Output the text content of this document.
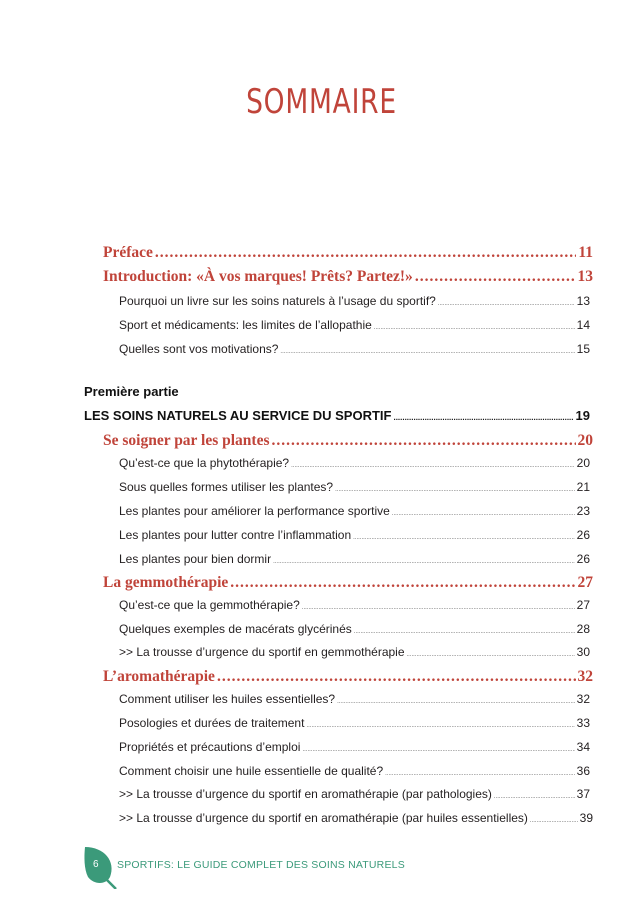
SOMMAIRE
Préface .....	11
Introduction: «À vos marques! Prêts? Partez!» .....	13
Pourquoi un livre sur les soins naturels à l’usage du sportif? .....	13
Sport et médicaments: les limites de l’allopathie .....	14
Quelles sont vos motivations? .....	15
Première partie
LES SOINS NATURELS AU SERVICE DU SPORTIF .....	19
Se soigner par les plantes .....	20
Qu’est-ce que la phytothérapie? .....	20
Sous quelles formes utiliser les plantes? .....	21
Les plantes pour améliorer la performance sportive .....	23
Les plantes pour lutter contre l’inflammation .....	26
Les plantes pour bien dormir .....	26
La gemmothérapie .....	27
Qu’est-ce que la gemmothérapie? .....	27
Quelques exemples de macérats glycérinés .....	28
>> La trousse d’urgence du sportif en gemmothérapie .....	30
L’aromathérapie .....	32
Comment utiliser les huiles essentielles? .....	32
Posologies et durées de traitement .....	33
Propriétés et précautions d’emploi .....	34
Comment choisir une huile essentielle de qualité? .....	36
>> La trousse d’urgence du sportif en aromathérapie (par pathologies) .....	37
>> La trousse d’urgence du sportif en aromathérapie (par huiles essentielles) .....	39
6 SPORTIFS: LE GUIDE COMPLET DES SOINS NATURELS
